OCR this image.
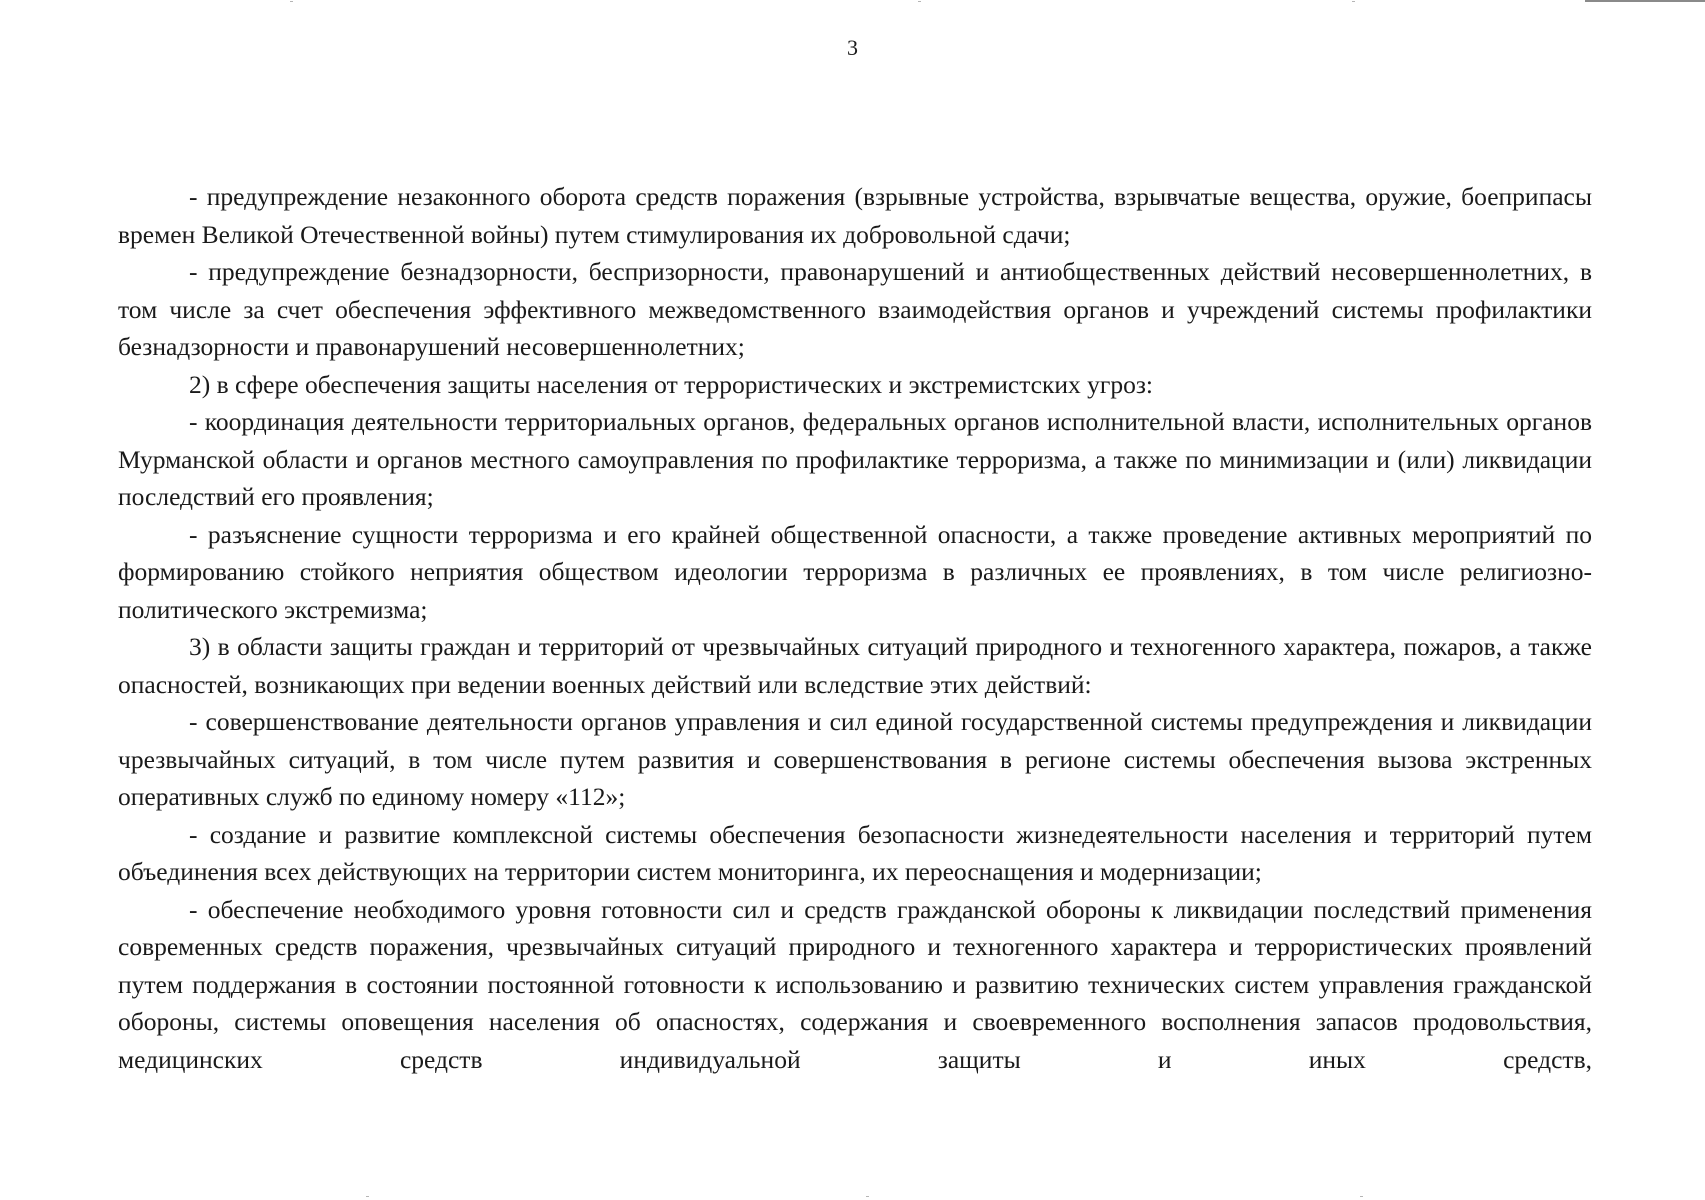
3

- предупреждение незаконного оборота средств поражения (взрывные устройства, взрывчатые вещества, оружие, боеприпасы времен Великой Отечественной войны) путем стимулирования их добровольной сдачи;

- предупреждение безнадзорности, беспризорности, правонарушений и антиобщественных действий несовершеннолетних, в том числе за счет обеспечения эффективного межведомственного взаимодействия органов и учреждений системы профилактики безнадзорности и правонарушений несовершеннолетних;

2) в сфере обеспечения защиты населения от террористических и экстремистских угроз:

- координация деятельности территориальных органов, федеральных органов исполнительной власти, исполнительных органов Мурманской области и органов местного самоуправления по профилактике терроризма, а также по минимизации и (или) ликвидации последствий его проявления;

- разъяснение сущности терроризма и его крайней общественной опасности, а также проведение активных мероприятий по формированию стойкого неприятия обществом идеологии терроризма в различных ее проявлениях, в том числе религиозно-политического экстремизма;

3) в области защиты граждан и территорий от чрезвычайных ситуаций природного и техногенного характера, пожаров, а также опасностей, возникающих при ведении военных действий или вследствие этих действий:

- совершенствование деятельности органов управления и сил единой государственной системы предупреждения и ликвидации чрезвычайных ситуаций, в том числе путем развития и совершенствования в регионе системы обеспечения вызова экстренных оперативных служб по единому номеру «112»;

- создание и развитие комплексной системы обеспечения безопасности жизнедеятельности населения и территорий путем объединения всех действующих на территории систем мониторинга, их переоснащения и модернизации;

- обеспечение необходимого уровня готовности сил и средств гражданской обороны к ликвидации последствий применения современных средств поражения, чрезвычайных ситуаций природного и техногенного характера и террористических проявлений путем поддержания в состоянии постоянной готовности к использованию и развитию технических систем управления гражданской обороны, системы оповещения населения об опасностях, содержания и своевременного восполнения запасов продовольствия, медицинских средств индивидуальной защиты и иных средств,
